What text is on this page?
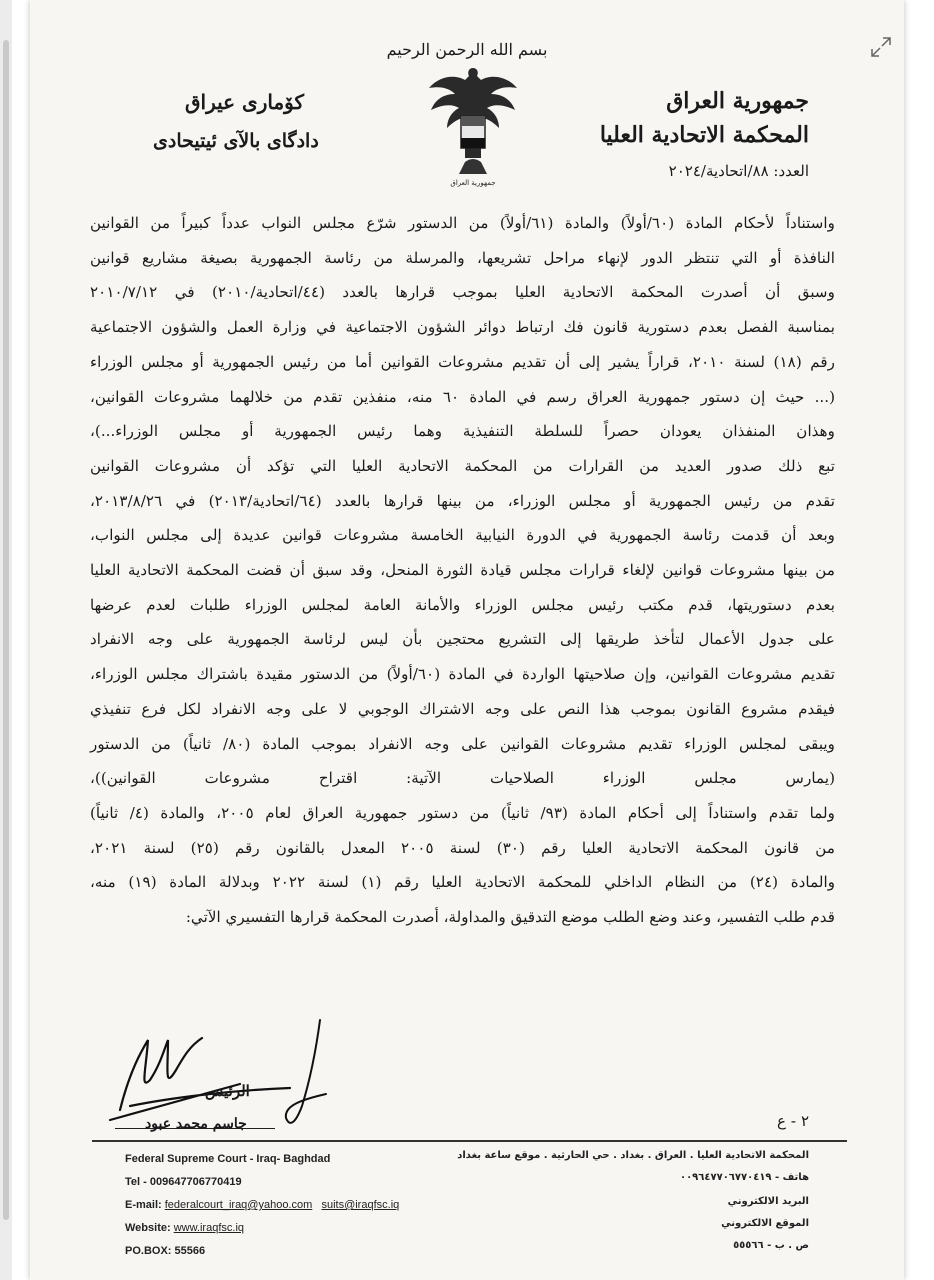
بسم الله الرحمن الرحيم
جمهورية العراق
جمهورية العراق
المحكمة الاتحادية العليا
العدد: ٨٨/اتحادية/٢٠٢٤
كۆمارى عيراق
دادگاى بالآى ئيتيحادى

واستناداً لأحكام المادة (٦٠/أولاً) والمادة (٦١/أولاً) من الدستور شرّع مجلس النواب عدداً كبيراً من القوانين

النافذة أو التي تنتظر الدور لإنهاء مراحل تشريعها، والمرسلة من رئاسة الجمهورية بصيغة مشاريع قوانين

وسبق أن أصدرت المحكمة الاتحادية العليا بموجب قرارها بالعدد (٤٤/اتحادية/٢٠١٠) في ٢٠١٠/٧/١٢

بمناسبة الفصل بعدم دستورية قانون فك ارتباط دوائر الشؤون الاجتماعية في وزارة العمل والشؤون الاجتماعية

رقم (١٨) لسنة ٢٠١٠، قراراً يشير إلى أن تقديم مشروعات القوانين أما من رئيس الجمهورية أو مجلس الوزراء

(... حيث إن دستور جمهورية العراق رسم في المادة ٦٠ منه، منفذين تقدم من خلالهما مشروعات القوانين،

وهذان المنفذان يعودان حصراً للسلطة التنفيذية وهما رئيس الجمهورية أو مجلس الوزراء...)،

تبع ذلك صدور العديد من القرارات من المحكمة الاتحادية العليا التي تؤكد أن مشروعات القوانين

تقدم من رئيس الجمهورية أو مجلس الوزراء، من بينها قرارها بالعدد (٦٤/اتحادية/٢٠١٣) في ٢٠١٣/٨/٢٦،

وبعد أن قدمت رئاسة الجمهورية في الدورة النيابية الخامسة مشروعات قوانين عديدة إلى مجلس النواب،

من بينها مشروعات قوانين لإلغاء قرارات مجلس قيادة الثورة المنحل، وقد سبق أن قضت المحكمة الاتحادية العليا

بعدم دستوريتها، قدم مكتب رئيس مجلس الوزراء والأمانة العامة لمجلس الوزراء طلبات لعدم عرضها

على جدول الأعمال لتأخذ طريقها إلى التشريع محتجين بأن ليس لرئاسة الجمهورية على وجه الانفراد

تقديم مشروعات القوانين، وإن صلاحيتها الواردة في المادة (٦٠/أولاً) من الدستور مقيدة باشتراك مجلس الوزراء،

فيقدم مشروع القانون بموجب هذا النص على وجه الاشتراك الوجوبي لا على وجه الانفراد لكل فرع تنفيذي

ويبقى لمجلس الوزراء تقديم مشروعات القوانين على وجه الانفراد بموجب المادة (٨٠/ ثانياً) من الدستور

(يمارس مجلس الوزراء الصلاحيات الآتية: اقتراح مشروعات القوانين))،

ولما تقدم واستناداً إلى أحكام المادة (٩٣/ ثانياً) من دستور جمهورية العراق لعام ٢٠٠٥، والمادة (٤/ ثانياً)

من قانون المحكمة الاتحادية العليا رقم (٣٠) لسنة ٢٠٠٥ المعدل بالقانون رقم (٢٥) لسنة ٢٠٢١،

والمادة (٢٤) من النظام الداخلي للمحكمة الاتحادية العليا رقم (١) لسنة ٢٠٢٢ وبدلالة المادة (١٩) منه،

قدم طلب التفسير، وعند وضع الطلب موضع التدقيق والمداولة، أصدرت المحكمة قرارها التفسيري الآتي:

الرئيس
جاسم محمد عبود	٢ - ع
Federal Supreme Court - Iraq- Baghdad
Tel - 009647706770419
E-mail: federalcourt_iraq@yahoo.com suits@iraqfsc.iq
Website: www.iraqfsc.iq
PO.BOX: 55566
المحكمة الاتحادية العليا . العراق . بغداد . حي الحارثية . موقع ساعة بغداد
هاتف - ٠٠٩٦٤٧٧٠٦٧٧٠٤١٩
البريد الالكتروني
الموقع الالكتروني
ص . ب - ٥٥٥٦٦
